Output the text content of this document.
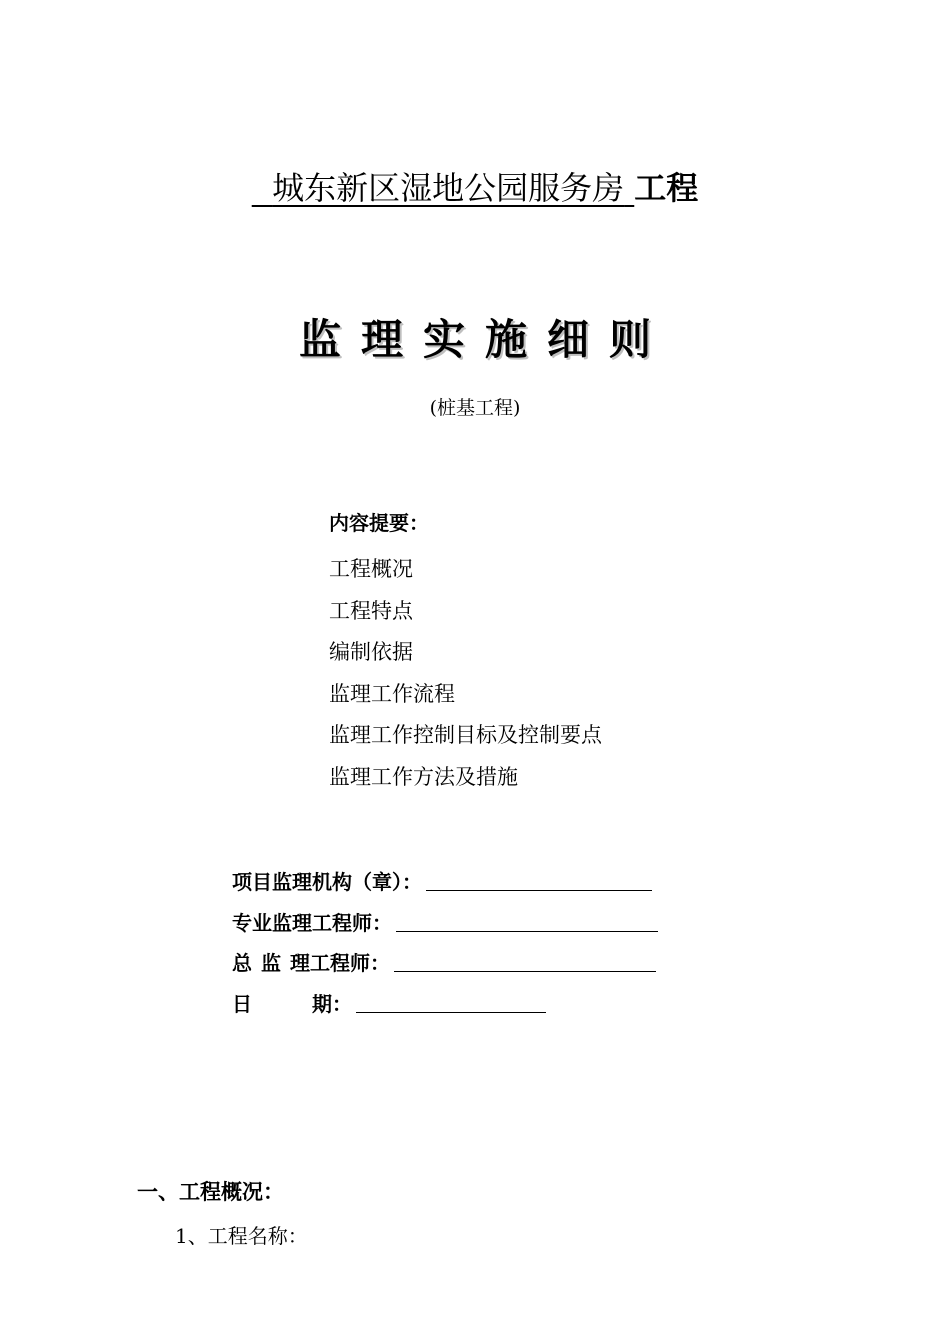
城东新区湿地公园服务房 工程
监理实施细则
(桩基工程)
内容提要：
工程概况
工程特点
编制依据
监理工作流程
监理工作控制目标及控制要点
监理工作方法及措施
项目监理机构（章）：
专业监理工程师：
总监 理工程师：
日 期：
一、工程概况：
1、工程名称：
